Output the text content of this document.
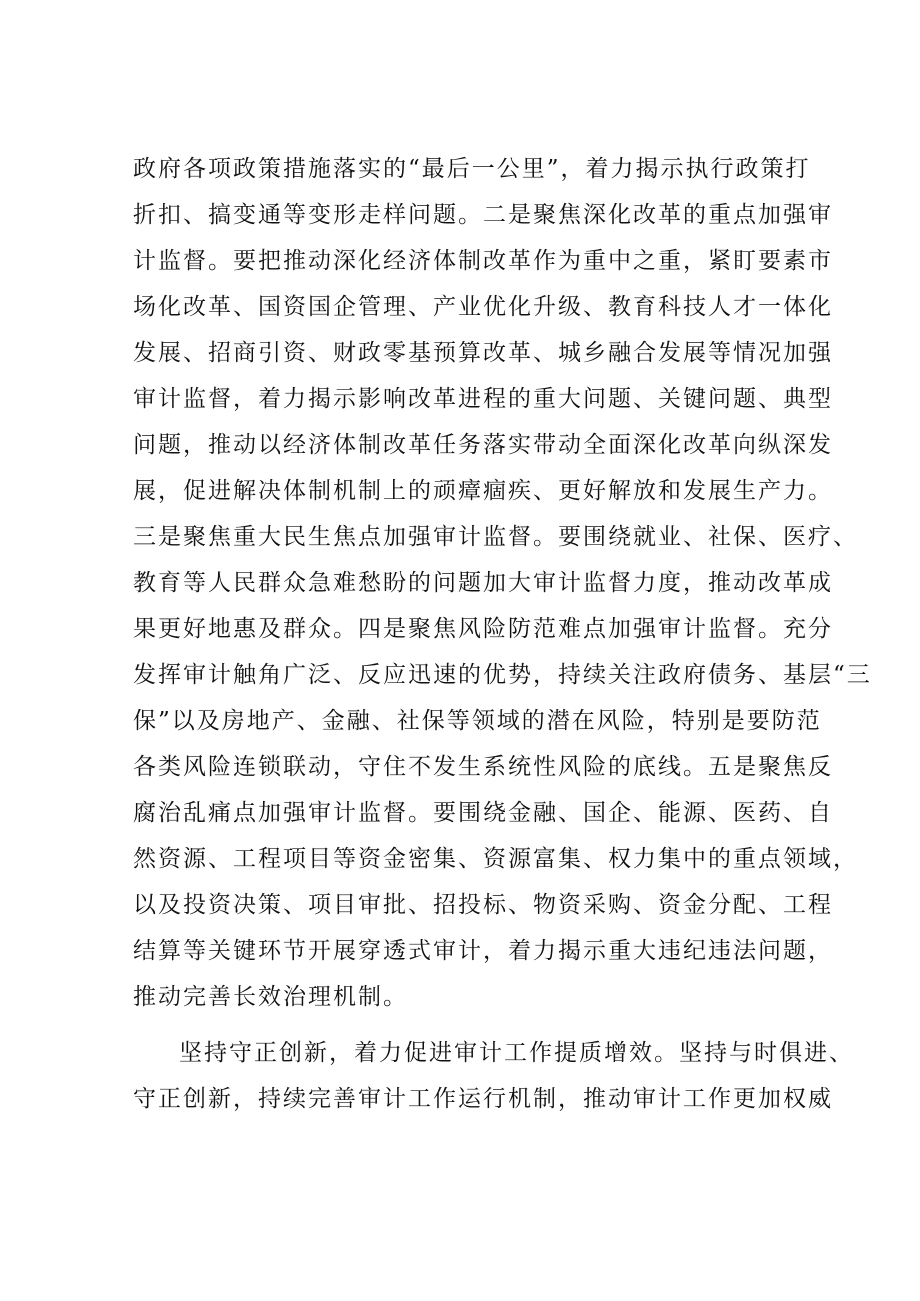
政府各项政策措施落实的“最后一公里”，着力揭示执行政策打
折扣、搞变通等变形走样问题。二是聚焦深化改革的重点加强审
计监督。要把推动深化经济体制改革作为重中之重，紧盯要素市
场化改革、国资国企管理、产业优化升级、教育科技人才一体化
发展、招商引资、财政零基预算改革、城乡融合发展等情况加强
审计监督，着力揭示影响改革进程的重大问题、关键问题、典型
问题，推动以经济体制改革任务落实带动全面深化改革向纵深发
展，促进解决体制机制上的顽瘴痼疾、更好解放和发展生产力。
三是聚焦重大民生焦点加强审计监督。要围绕就业、社保、医疗、
教育等人民群众急难愁盼的问题加大审计监督力度，推动改革成
果更好地惠及群众。四是聚焦风险防范难点加强审计监督。充分
发挥审计触角广泛、反应迅速的优势，持续关注政府债务、基层“三
保”以及房地产、金融、社保等领域的潜在风险，特别是要防范
各类风险连锁联动，守住不发生系统性风险的底线。五是聚焦反
腐治乱痛点加强审计监督。要围绕金融、国企、能源、医药、自
然资源、工程项目等资金密集、资源富集、权力集中的重点领域，
以及投资决策、项目审批、招投标、物资采购、资金分配、工程
结算等关键环节开展穿透式审计，着力揭示重大违纪违法问题，
推动完善长效治理机制。
坚持守正创新，着力促进审计工作提质增效。坚持与时俱进、
守正创新，持续完善审计工作运行机制，推动审计工作更加权威
